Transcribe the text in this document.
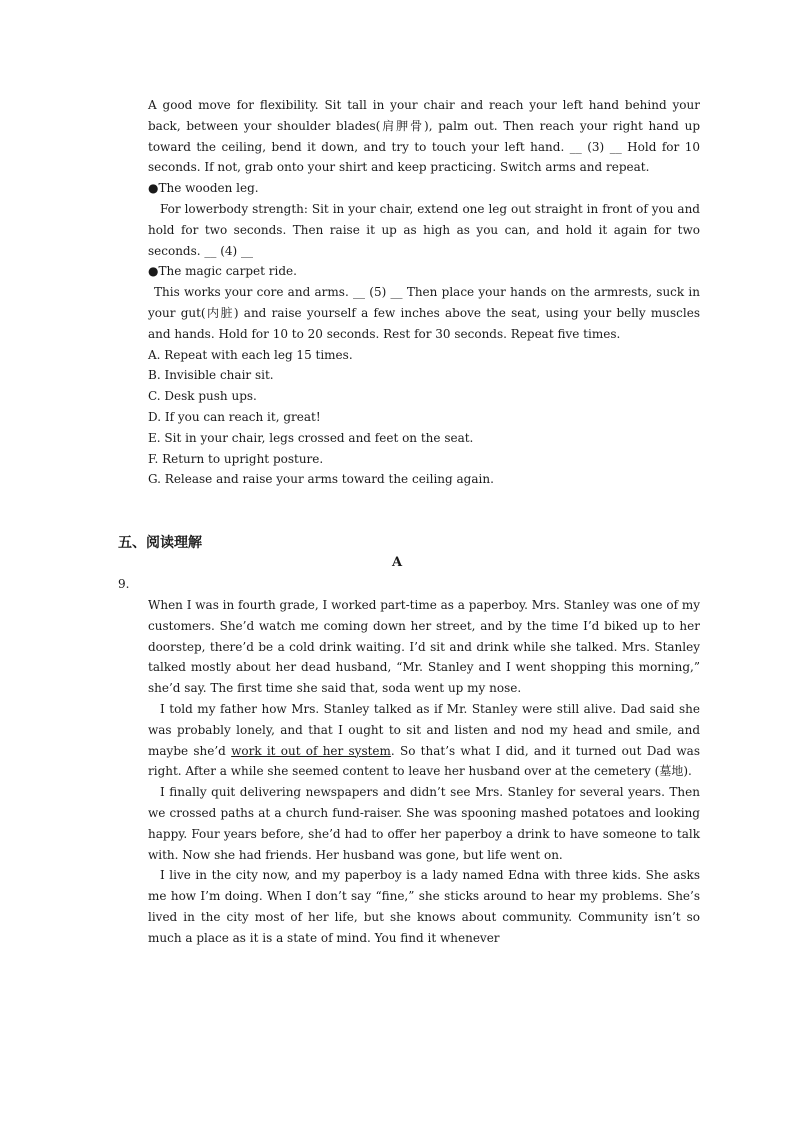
A good move for flexibility. Sit tall in your chair and reach your left hand behind your back, between your shoulder blades(肩胛骨), palm out. Then reach your right hand up toward the ceiling, bend it down, and try to touch your left hand. __ (3) __ Hold for 10 seconds. If not, grab onto your shirt and keep practicing. Switch arms and repeat.

●The wooden leg.

For lowerbody strength: Sit in your chair, extend one leg out straight in front of you and hold for two seconds. Then raise it up as high as you can, and hold it again for two seconds. __ (4) __

●The magic carpet ride.

This works your core and arms. __ (5) __ Then place your hands on the armrests, suck in your gut(内脏) and raise yourself a few inches above the seat, using your belly muscles and hands. Hold for 10 to 20 seconds. Rest for 30 seconds. Repeat five times.

A. Repeat with each leg 15 times.

B. Invisible chair sit.

C. Desk push ups.

D. If you can reach it, great!

E. Sit in your chair, legs crossed and feet on the seat.

F. Return to upright posture.

G. Release and raise your arms toward the ceiling again.

五、阅读理解
A
9.

When I was in fourth grade, I worked part-time as a paperboy. Mrs. Stanley was one of my customers. She’d watch me coming down her street, and by the time I’d biked up to her doorstep, there’d be a cold drink waiting. I’d sit and drink while she talked. Mrs. Stanley talked mostly about her dead husband, “Mr. Stanley and I went shopping this morning,” she’d say. The first time she said that, soda went up my nose.

I told my father how Mrs. Stanley talked as if Mr. Stanley were still alive. Dad said she was probably lonely, and that I ought to sit and listen and nod my head and smile, and maybe she’d work it out of her system. So that’s what I did, and it turned out Dad was right. After a while she seemed content to leave her husband over at the cemetery (墓地).

I finally quit delivering newspapers and didn’t see Mrs. Stanley for several years. Then we crossed paths at a church fund-raiser. She was spooning mashed potatoes and looking happy. Four years before, she’d had to offer her paperboy a drink to have someone to talk with. Now she had friends. Her husband was gone, but life went on.

I live in the city now, and my paperboy is a lady named Edna with three kids. She asks me how I’m doing. When I don’t say “fine,” she sticks around to hear my problems. She’s lived in the city most of her life, but she knows about community. Community isn’t so much a place as it is a state of mind. You find it whenever
